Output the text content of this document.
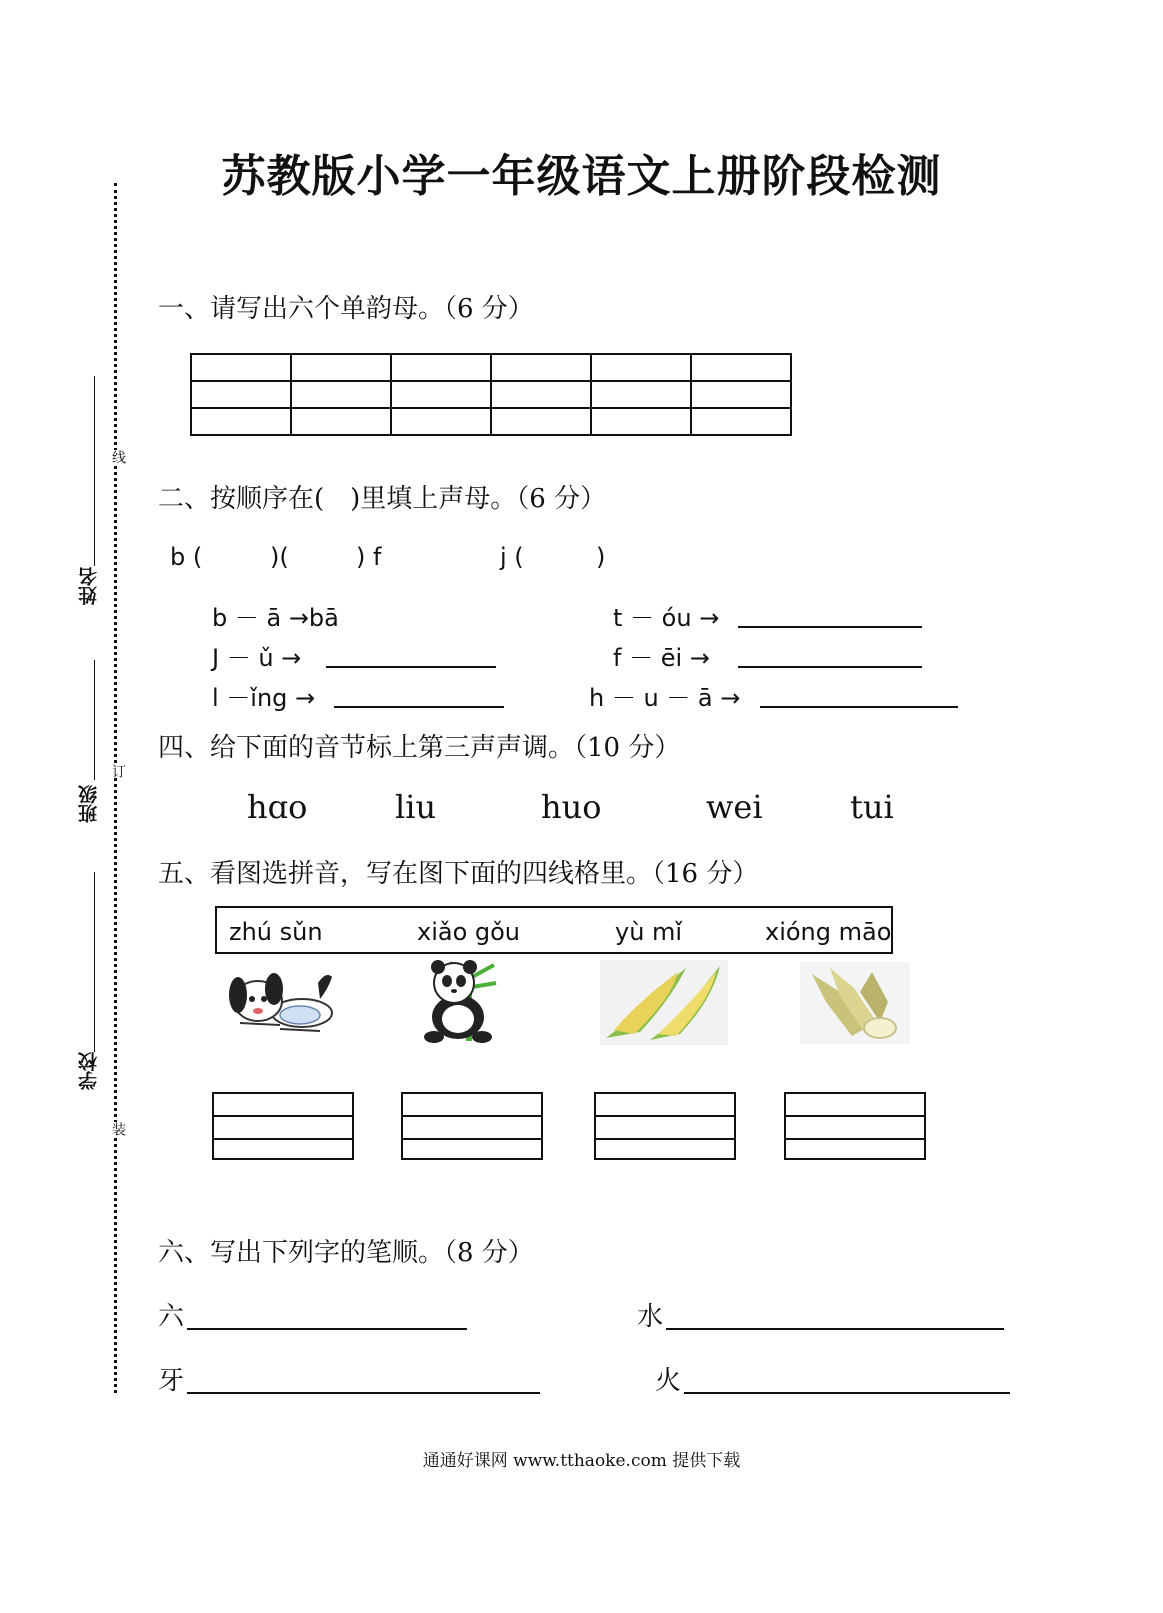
线
订
装
姓名
班级
学校
苏教版小学一年级语文上册阶段检测
一、请写出六个单韵母。（6 分）

二、按顺序在(　)里填上声母。（6 分）
b (	)(	) f	j (	)
b － ā →bā	t － óu →
J － ǔ →	f － ēi →
l －ǐng →	h － u － ā →
四、给下面的音节标上第三声声调。（10 分）
hɑo	liu	huo	wei	tui
五、看图选拼音，写在图下面的四线格里。（16 分）
zhú sǔn	xiǎo gǒu	yù mǐ	xióng māo
六、写出下列字的笔顺。（8 分）
六	水
牙	火
通通好课网 www.tthaoke.com 提供下载
